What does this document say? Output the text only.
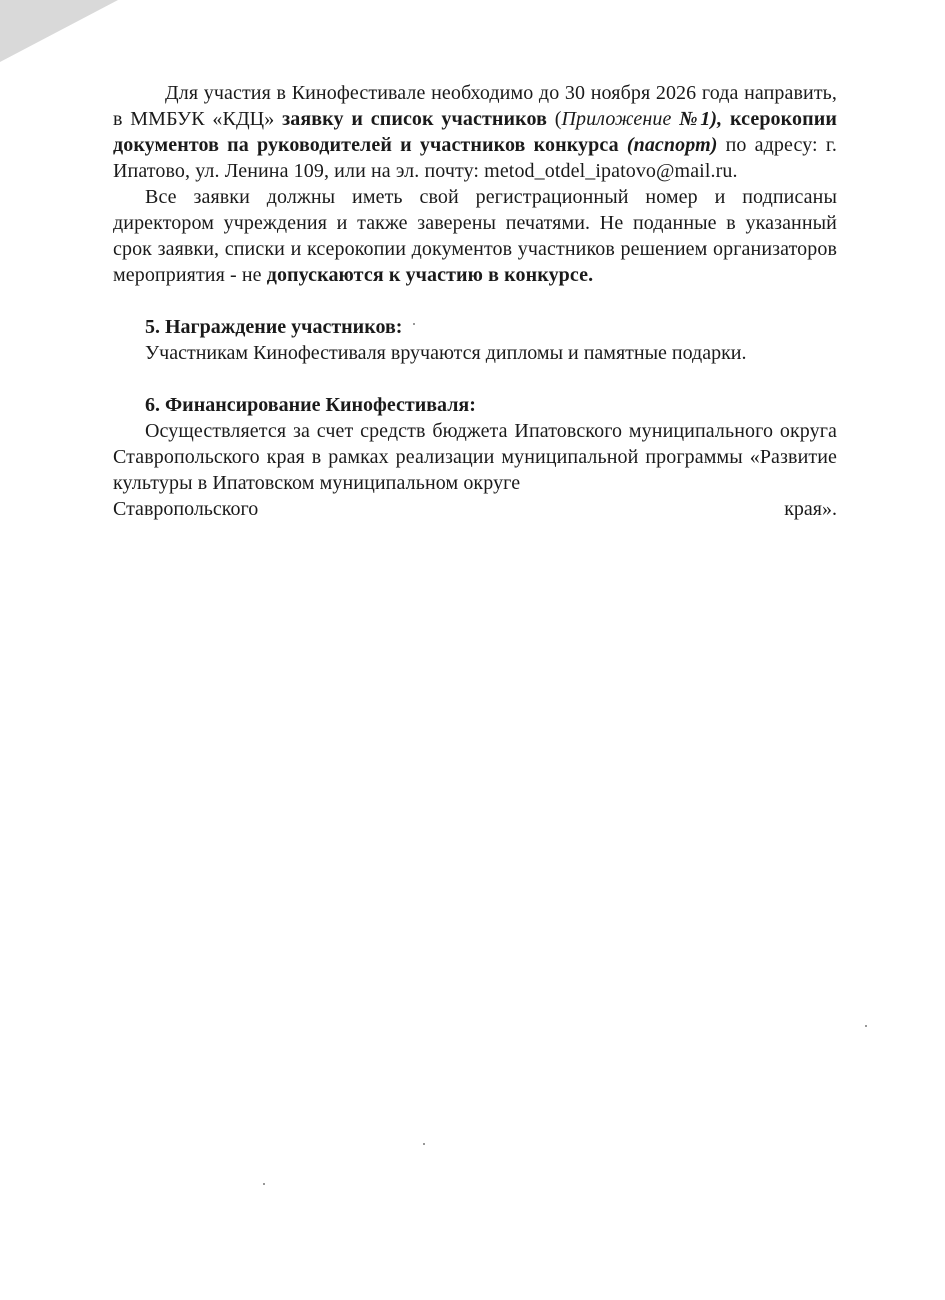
Для участия в Кинофестивале необходимо до 30 ноября 2026 года направить, в ММБУК «КДЦ» заявку и список участников (Приложение №1), ксерокопии документов па руководителей и участников конкурса (паспорт) по адресу: г. Ипатово, ул. Ленина 109, или на эл. почту: metod_otdel_ipatovo@mail.ru.

Все заявки должны иметь свой регистрационный номер и подписаны директором учреждения и также заверены печатями. Не поданные в указанный срок заявки, списки и ксерокопии документов участников решением организаторов мероприятия - не допускаются к участию в конкурсе.

5. Награждение участников:

Участникам Кинофестиваля вручаются дипломы и памятные подарки.

6. Финансирование Кинофестиваля:

Осуществляется за счет средств бюджета Ипатовского муниципального округа Ставропольского края в рамках реализации муниципальной программы «Развитие культуры в Ипатовском муниципальном округе

Ставропольского	края».
